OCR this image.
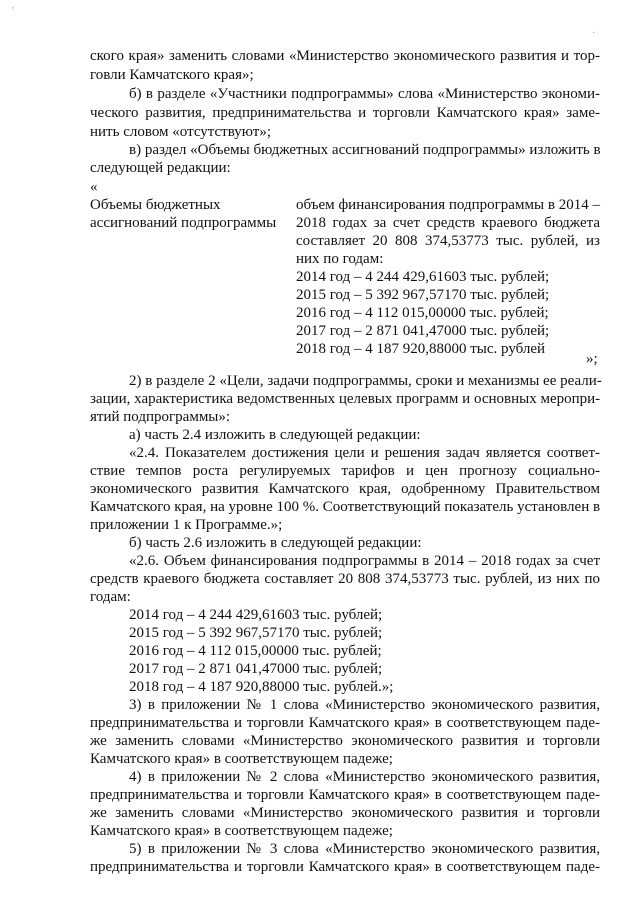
'
·
ского края» заменить словами «Министерство экономического развития и тор-
говли Камчатского края»;
б) в разделе «Участники подпрограммы» слова «Министерство экономи-
ческого развития, предпринимательства и торговли Камчатского края» заме-
нить словом «отсутствуют»;
в) раздел «Объемы бюджетных ассигнований подпрограммы» изложить в
следующей редакции:
«
Объемы бюджетных
ассигнований подпрограммы
объем финансирования подпрограммы в 2014 –
2018 годах за счет средств краевого бюджета
составляет 20 808 374,53773 тыс. рублей, из
них по годам:
2014 год – 4 244 429,61603 тыс. рублей;
2015 год – 5 392 967,57170 тыс. рублей;
2016 год – 4 112 015,00000 тыс. рублей;
2017 год – 2 871 041,47000 тыс. рублей;
2018 год – 4 187 920,88000 тыс. рублей
»;
2) в разделе 2 «Цели, задачи подпрограммы, сроки и механизмы ее реали-
зации, характеристика ведомственных целевых программ и основных меропри-
ятий подпрограммы»:
а) часть 2.4 изложить в следующей редакции:
«2.4. Показателем достижения цели и решения задач является соответ-
ствие темпов роста регулируемых тарифов и цен прогнозу социально-
экономического развития Камчатского края, одобренному Правительством
Камчатского края, на уровне 100 %. Соответствующий показатель установлен в
приложении 1 к Программе.»;
б) часть 2.6 изложить в следующей редакции:
«2.6. Объем финансирования подпрограммы в 2014 – 2018 годах за счет
средств краевого бюджета составляет 20 808 374,53773 тыс. рублей, из них по
годам:
2014 год – 4 244 429,61603 тыс. рублей;
2015 год – 5 392 967,57170 тыс. рублей;
2016 год – 4 112 015,00000 тыс. рублей;
2017 год – 2 871 041,47000 тыс. рублей;
2018 год – 4 187 920,88000 тыс. рублей.»;
3) в приложении № 1 слова «Министерство экономического развития,
предпринимательства и торговли Камчатского края» в соответствующем паде-
же заменить словами «Министерство экономического развития и торговли
Камчатского края» в соответствующем падеже;
4) в приложении № 2 слова «Министерство экономического развития,
предпринимательства и торговли Камчатского края» в соответствующем паде-
же заменить словами «Министерство экономического развития и торговли
Камчатского края» в соответствующем падеже;
5) в приложении № 3 слова «Министерство экономического развития,
предпринимательства и торговли Камчатского края» в соответствующем паде-
